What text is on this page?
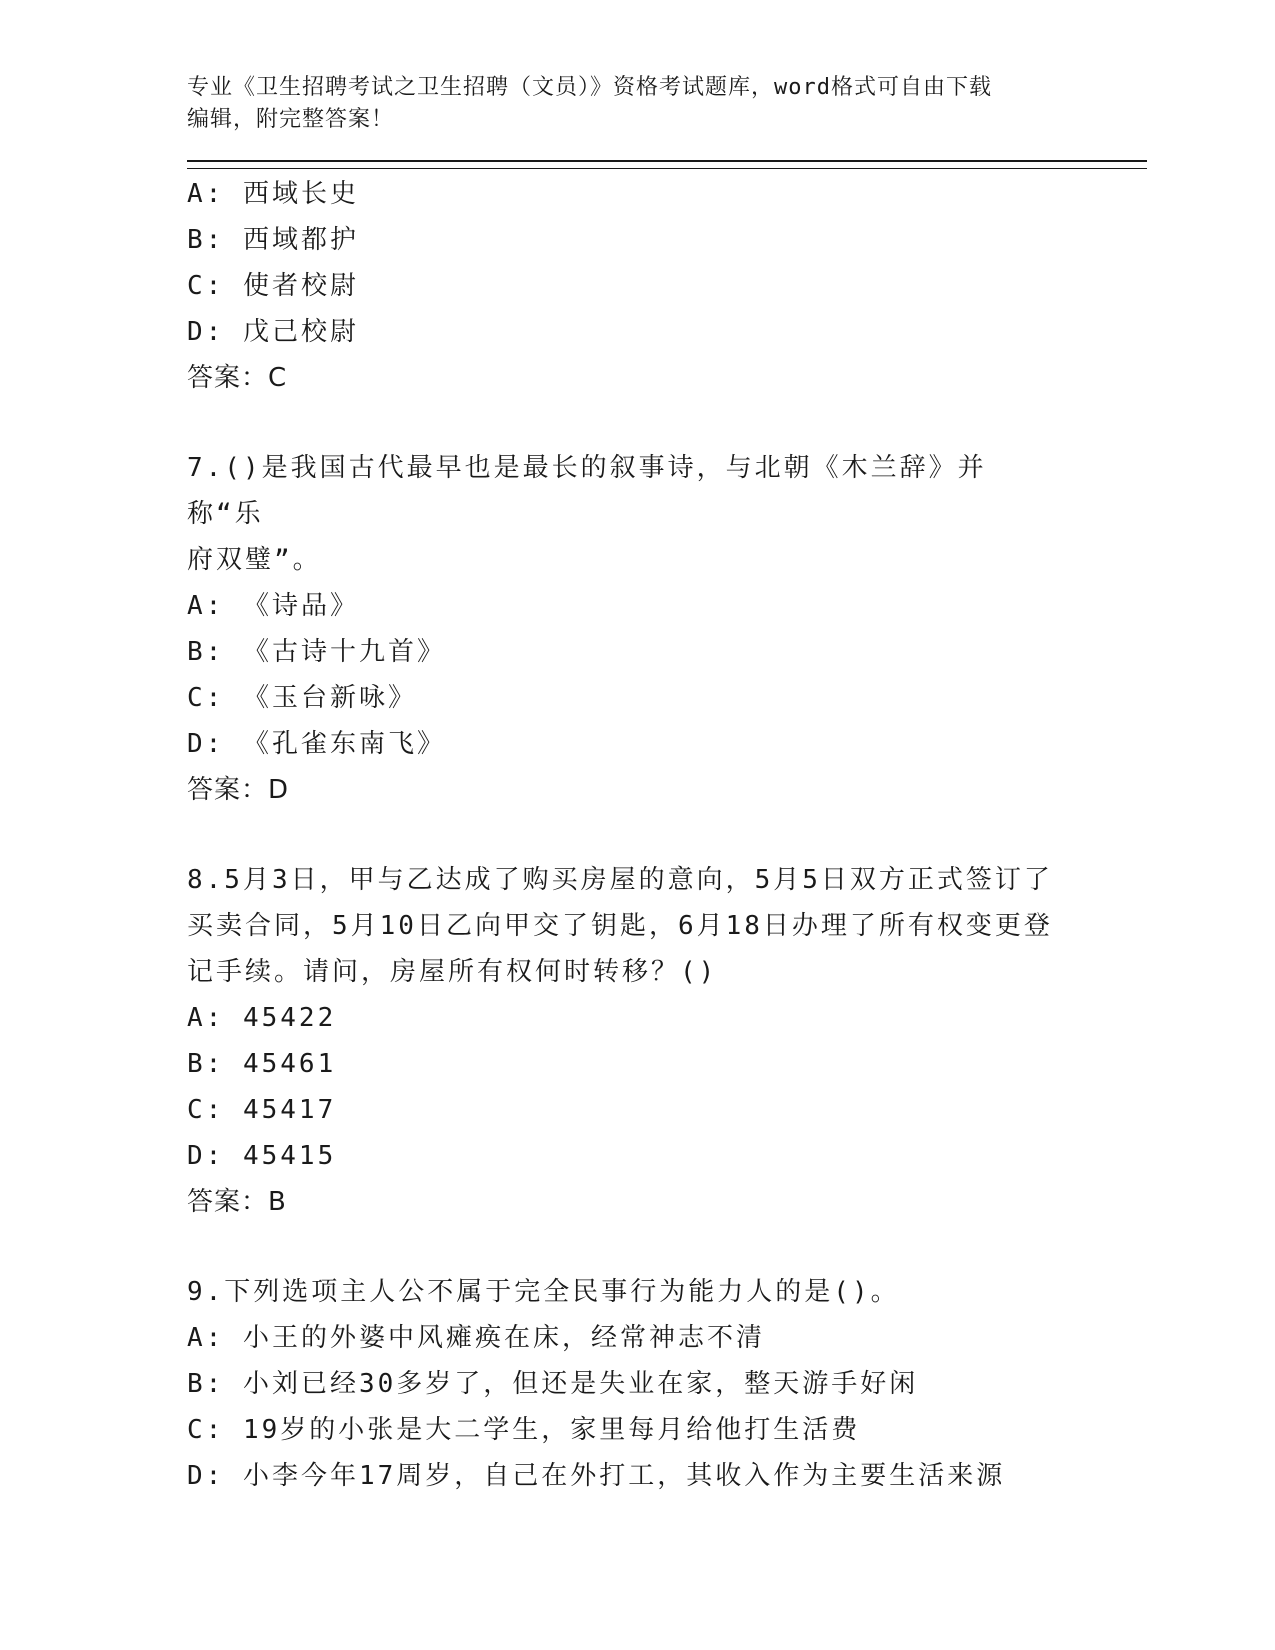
专业《卫生招聘考试之卫生招聘（文员）》资格考试题库，word格式可自由下载
编辑，附完整答案！
A: 西域长史
B: 西域都护
C: 使者校尉
D: 戊己校尉
答案：C
7.()是我国古代最早也是最长的叙事诗，与北朝《木兰辞》并称“乐
府双璧”。
A: 《诗品》
B: 《古诗十九首》
C: 《玉台新咏》
D: 《孔雀东南飞》
答案：D
8.5月3日，甲与乙达成了购买房屋的意向，5月5日双方正式签订了
买卖合同，5月10日乙向甲交了钥匙，6月18日办理了所有权变更登
记手续。请问，房屋所有权何时转移？()
A: 45422
B: 45461
C: 45417
D: 45415
答案：B
9.下列选项主人公不属于完全民事行为能力人的是()。
A: 小王的外婆中风瘫痪在床，经常神志不清
B: 小刘已经30多岁了，但还是失业在家，整天游手好闲
C: 19岁的小张是大二学生，家里每月给他打生活费
D: 小李今年17周岁，自己在外打工，其收入作为主要生活来源
